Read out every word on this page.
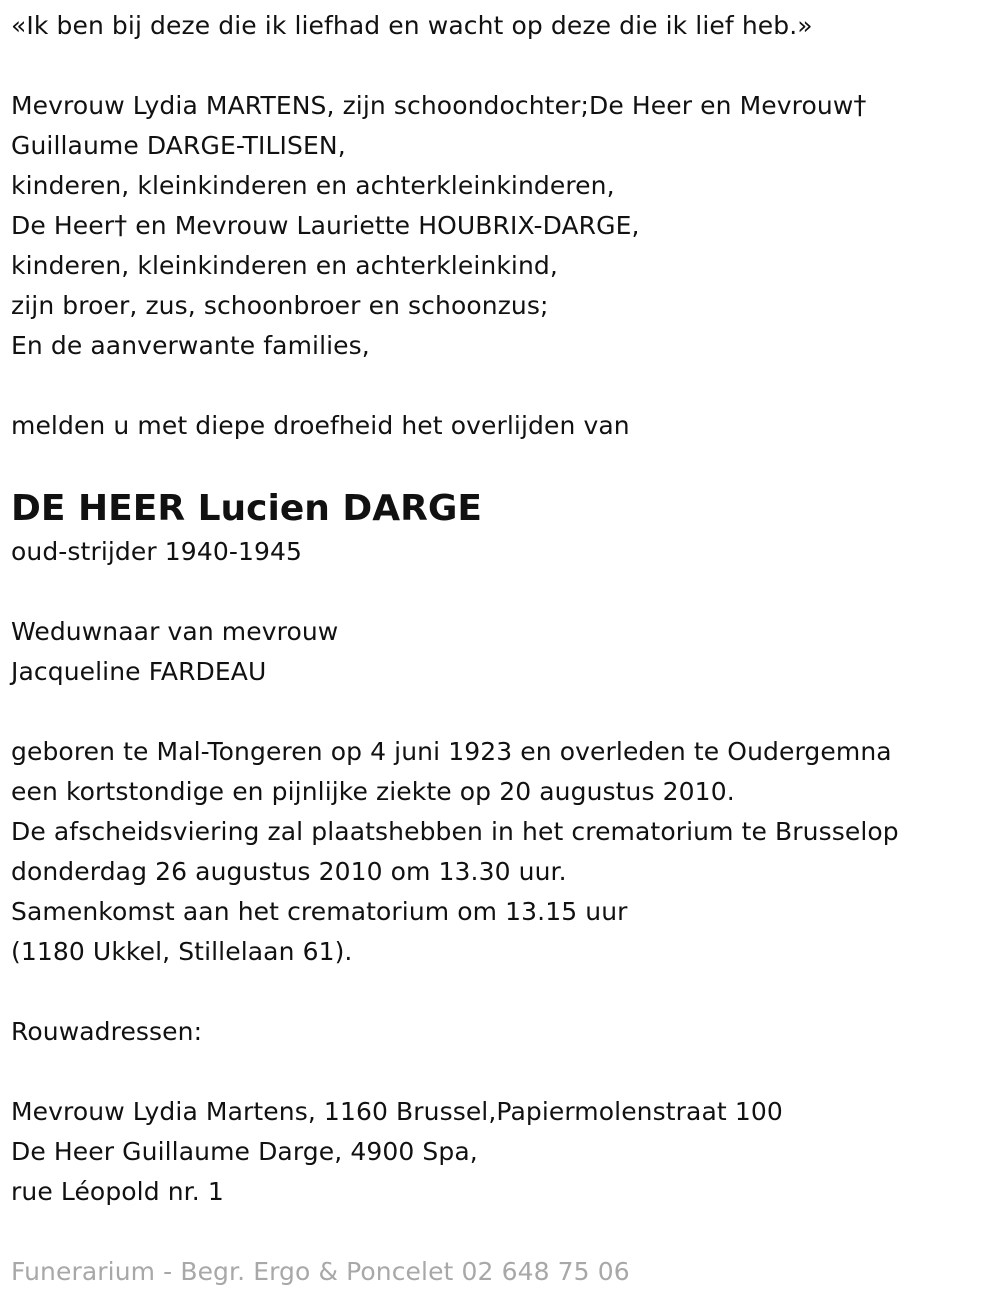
«Ik ben bij deze die ik liefhad en wacht op deze die ik lief heb.»
Mevrouw Lydia MARTENS, zijn schoondochter;De Heer en Mevrouw†
Guillaume DARGE-TILISEN,
kinderen, kleinkinderen en achterkleinkinderen,
De Heer† en Mevrouw Lauriette HOUBRIX-DARGE,
kinderen, kleinkinderen en achterkleinkind,
zijn broer, zus, schoonbroer en schoonzus;
En de aanverwante families,
melden u met diepe droefheid het overlijden van
DE HEER Lucien DARGE
oud-strijder 1940-1945
Weduwnaar van mevrouw
Jacqueline FARDEAU
geboren te Mal-Tongeren op 4 juni 1923 en overleden te Oudergemna
een kortstondige en pijnlijke ziekte op 20 augustus 2010.
De afscheidsviering zal plaatshebben in het crematorium te Brusselop
donderdag 26 augustus 2010 om 13.30 uur.
Samenkomst aan het crematorium om 13.15 uur
(1180 Ukkel, Stillelaan 61).
Rouwadressen:
Mevrouw Lydia Martens, 1160 Brussel,Papiermolenstraat 100
De Heer Guillaume Darge, 4900 Spa,
rue Léopold nr. 1
Funerarium - Begr. Ergo & Poncelet 02 648 75 06
